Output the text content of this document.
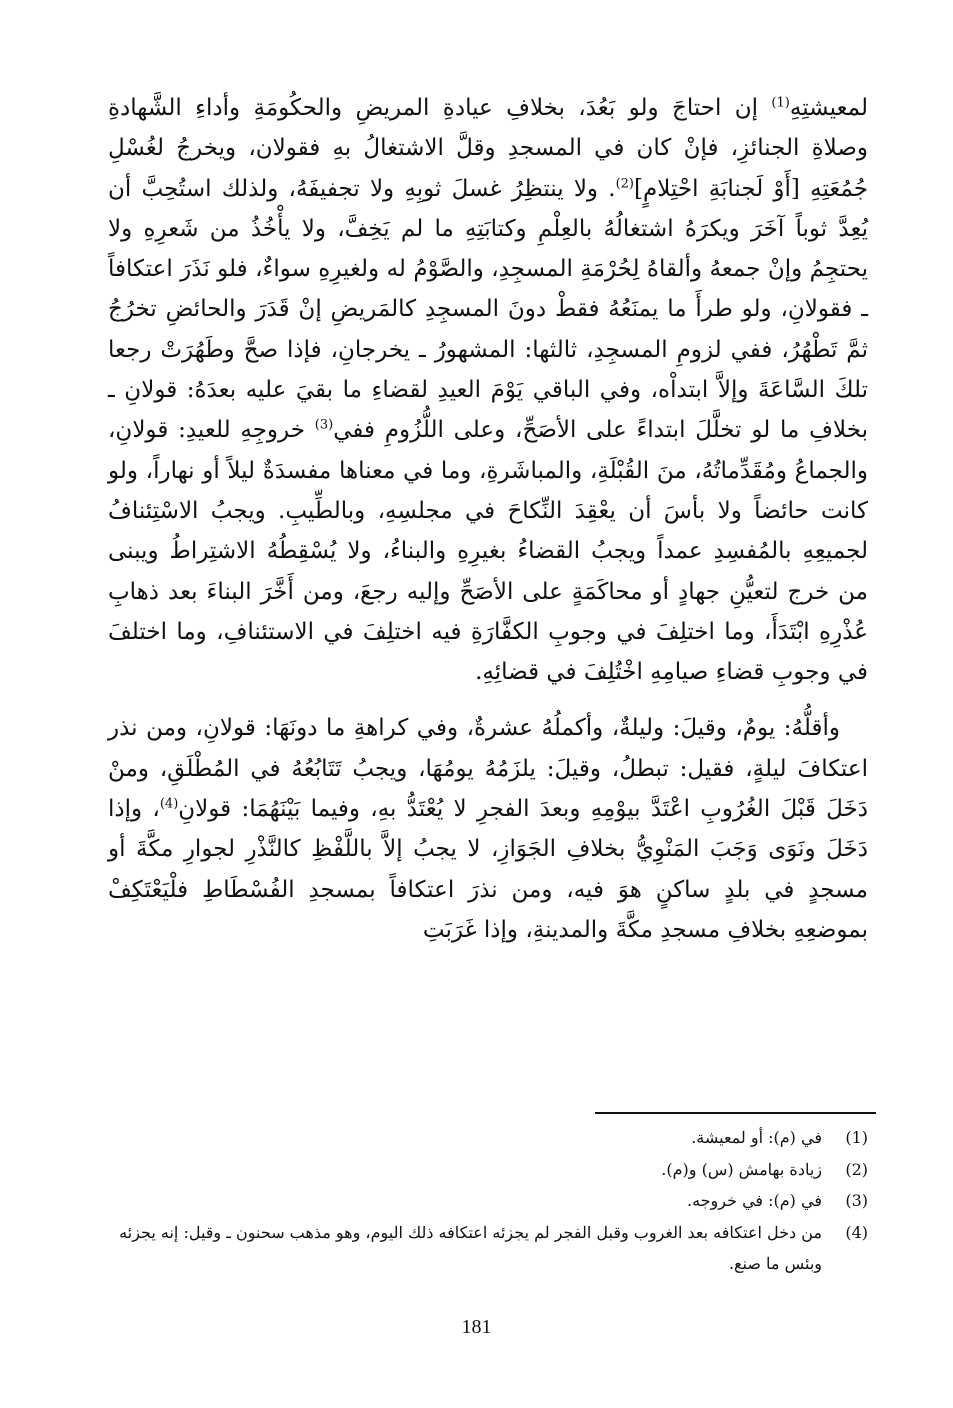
لمعيشتِهِ$^{(1)}$ إن احتاجَ ولو بَعُدَ، بخلافِ عيادةِ المريضِ والحكُومَةِ وأداءِ الشَّهادةِ وصلاةِ الجنائزِ، فإنْ كان في المسجدِ وقلَّ الاشتغالُ بهِ فقولان، ويخرجُ لغُسْلِ جُمُعَتِهِ [أَوْ لَجنابَةِ احْتِلامٍ]$^{(2)}$. ولا ينتظِرُ غسلَ ثوبِهِ ولا تجفيفَهُ، ولذلك استُحِبَّ أن يُعِدَّ ثوباً آخَرَ ويكرَهُ اشتغالُهُ بالعِلْمِ وكتابَتِهِ ما لم يَخِفَّ، ولا يأْخُذُ من شَعرِهِ ولا يحتجِمُ وإنْ جمعهُ وألقاهُ لِحُرْمَةِ المسجِدِ، والصَّوْمُ له ولغيرِهِ سواءٌ، فلو نَذَرَ اعتكافاً ـ فقولانِ، ولو طرأَ ما يمنَعُهُ فقطْ دونَ المسجِدِ كالمَريضِ إنْ قَدَرَ والحائضِ تخرُجُ ثمَّ تَطْهُرُ، ففي لزومِ المسجِدِ، ثالثها: المشهورُ ـ يخرجانِ، فإذا صحَّ وطَهُرَتْ رجعا تلكَ السَّاعَةَ وإلاَّ ابتداْه، وفي الباقي يَوْمَ العيدِ لقضاءِ ما بقيَ عليه بعدَهُ: قولانِ ـ بخلافِ ما لو تخلَّلَ ابتداءً على الأصَحِّ، وعلى اللُّزُومِ ففي$^{(3)}$ خروجِهِ للعيدِ: قولانِ، والجماعُ ومُقَدِّماتُهُ، منَ القُبْلَةِ، والمباشَرةِ، وما في معناها مفسدَةٌ ليلاً أو نهاراً، ولو كانت حائضاً ولا بأسَ أن يعْقِدَ النِّكاحَ في مجلسِهِ، وبالطِّيبِ. ويجبُ الاسْتِئنافُ لجميعِهِ بالمُفسِدِ عمداً ويجبُ القضاءُ بغيرِهِ والبناءُ، ولا يُسْقِطُهُ الاشتِراطُ ويبنى من خرج لتعيُّنِ جهادٍ أو محاكَمَةٍ على الأصَحِّ وإليه رجعَ، ومن أَخَّرَ البناءَ بعد ذهابِ عُذْرِهِ ابْتَدَأَ، وما اختلِفَ في وجوبِ الكفَّارَةِ فيه اختلِفَ في الاستئنافِ، وما اختلفَ في وجوبِ قضاءِ صيامِهِ اخْتُلِفَ في قضائِهِ.

وأقلُّهُ: يومٌ، وقيلَ: وليلةٌ، وأكملُهُ عشرةٌ، وفي كراهةِ ما دونَهَا: قولانِ، ومن نذر اعتكافَ ليلةٍ، فقيل: تبطلُ، وقيلَ: يلزَمُهُ يومُهَا، ويجبُ تَتَابُعُهُ في المُطْلَقِ، ومنْ دَخَلَ قَبْلَ الغُرُوبِ اعْتَدَّ بيوْمِهِ وبعدَ الفجرِ لا يُعْتَدُّ بهِ، وفيما بَيْنَهُمَا: قولانِ$^{(4)}$، وإذا دَخَلَ ونَوَى وَجَبَ المَنْوِيُّ بخلافِ الجَوَازِ، لا يجبُ إلاَّ باللَّفْظِ كالنَّذْرِ لجوارِ مكَّةَ أو مسجدٍ في بلدٍ ساكنٍ هوَ فيه، ومن نذرَ اعتكافاً بمسجدِ الفُسْطَاطِ فلْيَعْتَكِفْ بموضعِهِ بخلافِ مسجدِ مكَّةَ والمدينةِ، وإذا غَرَبَتِ

(1)
في (م): أو لمعيشة.
(2)
زيادة بهامش (س) و(م).
(3)
في (م): في خروجه.
(4)
من دخل اعتكافه بعد الغروب وقبل الفجر لم يجزئه اعتكافه ذلك اليوم، وهو مذهب سحنون ـ وقيل: إنه يجزئه وبئس ما صنع.
181
